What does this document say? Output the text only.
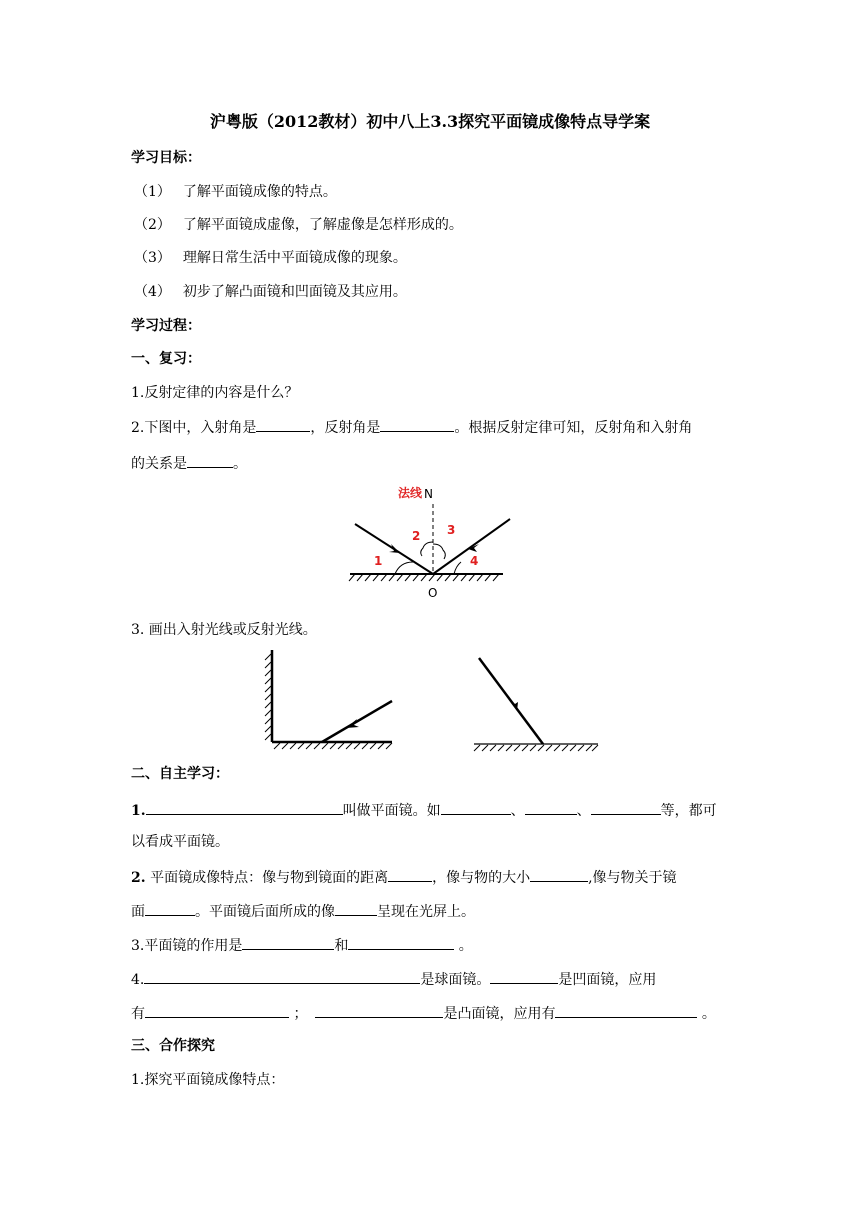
沪粤版（2012教材）初中八上3.3探究平面镜成像特点导学案
学习目标：
（1） 了解平面镜成像的特点。
（2） 了解平面镜成虚像，了解虚像是怎样形成的。
（3） 理解日常生活中平面镜成像的现象。
（4） 初步了解凸面镜和凹面镜及其应用。
学习过程：
一、复习：
1.反射定律的内容是什么？
2.下图中，入射角是	，反射角是	。根据反射定律可知，反射角和入射角
的关系是	。
法线 N
1
2 3
4
O
3. 画出入射光线或反射光线。
二、自主学习：
1.	叫做平面镜。如	、	、	等，都可
以看成平面镜。
2. 平面镜成像特点：像与物到镜面的距离	，像与物的大小	,像与物关于镜
面	。平面镜后面所成的像	呈现在光屏上。
3.平面镜的作用是	和	。
4.	是球面镜。	是凹面镜，应用
有	；	是凸面镜，应用有	。
三、合作探究
1.探究平面镜成像特点：
